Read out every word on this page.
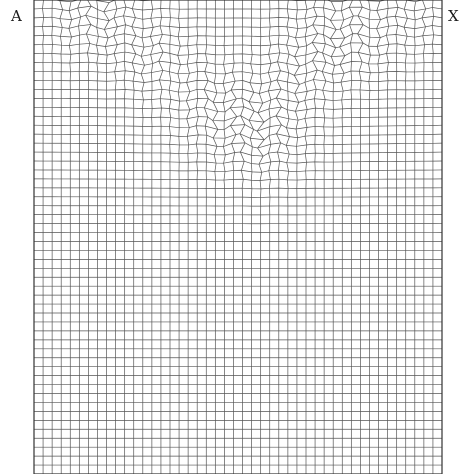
A	X
